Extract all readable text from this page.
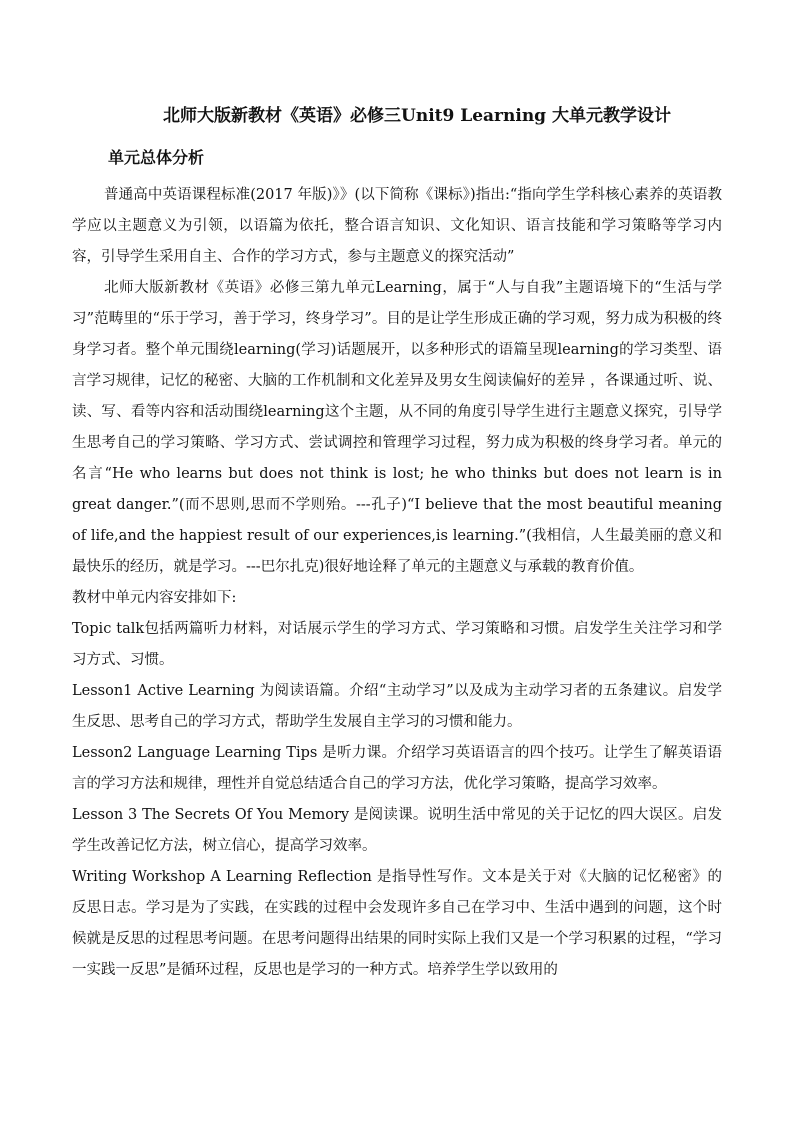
北师大版新教材《英语》必修三Unit9 Learning 大单元教学设计
单元总体分析

普通高中英语课程标准(2017 年版)》》(以下简称《课标》)指出:“指向学生学科核心素养的英语教学应以主题意义为引领，以语篇为依托，整合语言知识、文化知识、语言技能和学习策略等学习内容，引导学生采用自主、合作的学习方式，参与主题意义的探究活动”

北师大版新教材《英语》必修三第九单元Learning，属于“人与自我”主题语境下的“生活与学习”范畴里的“乐于学习，善于学习，终身学习”。目的是让学生形成正确的学习观，努力成为积极的终身学习者。整个单元围绕learning(学习)话题展开，以多种形式的语篇呈现learning的学习类型、语言学习规律，记忆的秘密、大脑的工作机制和文化差异及男女生阅读偏好的差异 ，各课通过听、说、读、写、看等内容和活动围绕learning这个主题，从不同的角度引导学生进行主题意义探究，引导学生思考自己的学习策略、学习方式、尝试调控和管理学习过程，努力成为积极的终身学习者。单元的名言“He who learns but does not think is lost; he who thinks but does not learn is in great danger.”(而不思则,思而不学则殆。---孔子)“I believe that the most beautiful meaning of life,and the happiest result of our experiences,is learning.”(我相信，人生最美丽的意义和最快乐的经历，就是学习。---巴尔扎克)很好地诠释了单元的主题意义与承载的教育价值。

教材中单元内容安排如下:

Topic talk包括两篇听力材料，对话展示学生的学习方式、学习策略和习惯。启发学生关注学习和学习方式、习惯。

Lesson1 Active Learning 为阅读语篇。介绍“主动学习”以及成为主动学习者的五条建议。启发学生反思、思考自己的学习方式，帮助学生发展自主学习的习惯和能力。

Lesson2 Language Learning Tips 是听力课。介绍学习英语语言的四个技巧。让学生了解英语语言的学习方法和规律，理性并自觉总结适合自己的学习方法，优化学习策略，提高学习效率。

Lesson 3 The Secrets Of You Memory 是阅读课。说明生活中常见的关于记忆的四大误区。启发学生改善记忆方法，树立信心，提高学习效率。

Writing Workshop A Learning Reflection 是指导性写作。文本是关于对《大脑的记忆秘密》的反思日志。学习是为了实践，在实践的过程中会发现许多自己在学习中、生活中遇到的问题，这个时候就是反思的过程思考问题。在思考问题得出结果的同时实际上我们又是一个学习积累的过程，“学习一实践一反思”是循环过程，反思也是学习的一种方式。培养学生学以致用的
